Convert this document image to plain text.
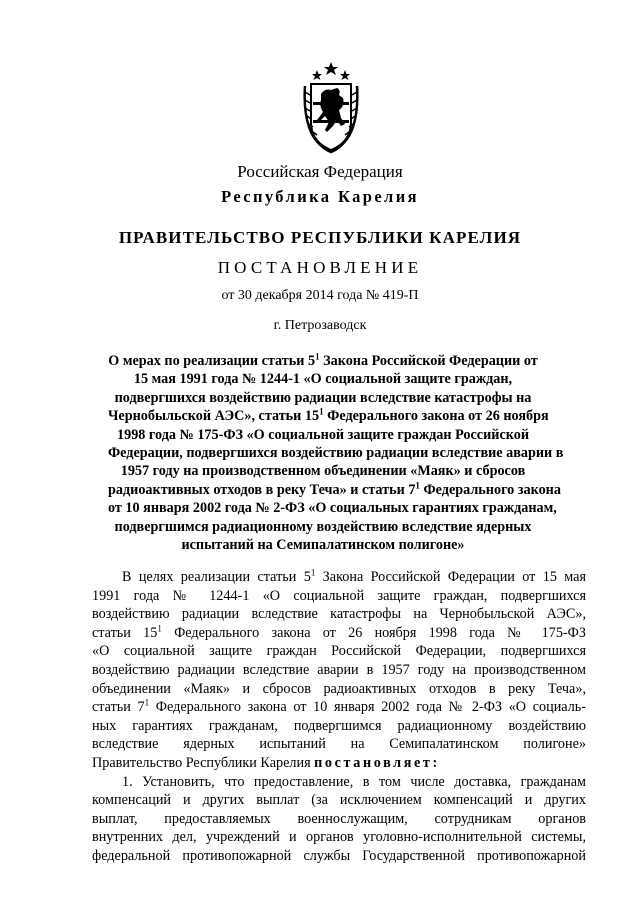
Российская Федерация
Республика Карелия
ПРАВИТЕЛЬСТВО РЕСПУБЛИКИ КАРЕЛИЯ
ПОСТАНОВЛЕНИЕ
от 30 декабря 2014 года № 419-П
г. Петрозаводск
О мерах по реализации статьи $5^1$ Закона Российской Федерации от
15 мая 1991 года № 1244-1 «О социальной защите граждан,
подвергшихся воздействию радиации вследствие катастрофы на
Чернобыльской АЭС», статьи $15^1$ Федерального закона от 26 ноября
1998 года № 175-ФЗ «О социальной защите граждан Российской
Федерации, подвергшихся воздействию радиации вследствие аварии в
1957 году на производственном объединении «Маяк» и сбросов
радиоактивных отходов в реку Теча» и статьи $7^1$ Федерального закона
от 10 января 2002 года № 2-ФЗ «О социальных гарантиях гражданам,
подвергшимся радиационному воздействию вследствие ядерных
испытаний на Семипалатинском полигоне»
В целях реализации статьи $5^1$ Закона Российской Федерации от 15 мая
1991 года № 1244-1 «О социальной защите граждан, подвергшихся
воздействию радиации вследствие катастрофы на Чернобыльской АЭС»,
статьи $15^1$ Федерального закона от 26 ноября 1998 года № 175-ФЗ
«О социальной защите граждан Российской Федерации, подвергшихся
воздействию радиации вследствие аварии в 1957 году на производственном
объединении «Маяк» и сбросов радиоактивных отходов в реку Теча»,
статьи $7^1$ Федерального закона от 10 января 2002 года № 2-ФЗ «О социаль-
ных гарантиях гражданам, подвергшимся радиационному воздействию
вследствие ядерных испытаний на Семипалатинском полигоне»
Правительство Республики Карелия постановляет:
1. Установить, что предоставление, в том числе доставка, гражданам
компенсаций и других выплат (за исключением компенсаций и других
выплат, предоставляемых военнослужащим, сотрудникам органов
внутренних дел, учреждений и органов уголовно-исполнительной системы,
федеральной противопожарной службы Государственной противопожарной
